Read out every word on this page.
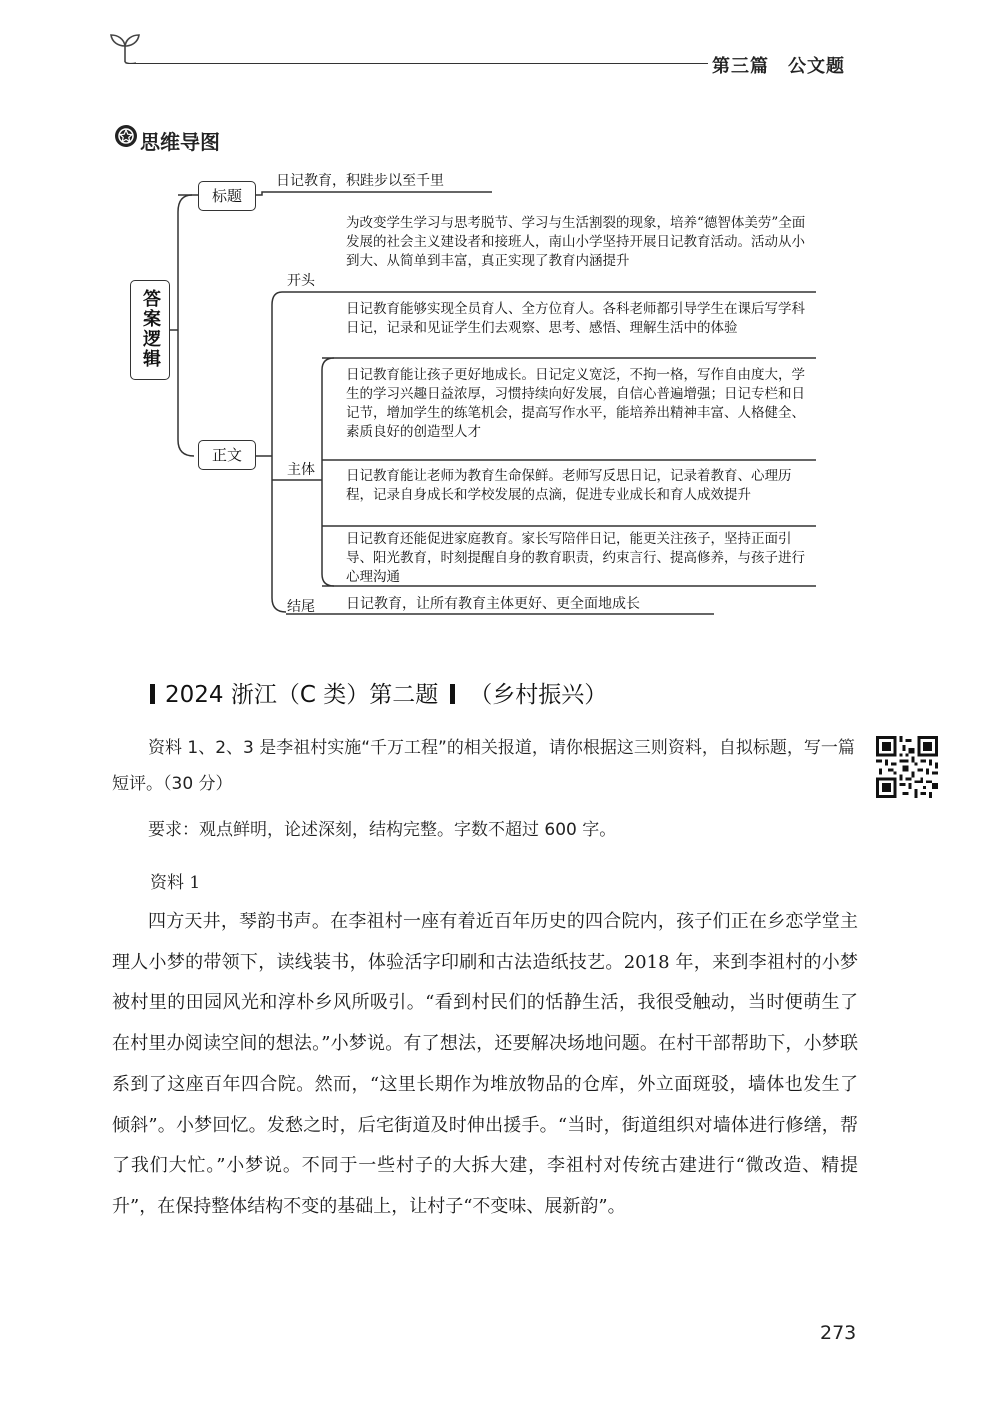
第三篇　公文题
思维导图
答案逻辑
标题
日记教育，积跬步以至千里
正文
开头
为改变学生学习与思考脱节、学习与生活割裂的现象，培养“德智体美劳”全面发展的社会主义建设者和接班人，南山小学坚持开展日记教育活动。活动从小到大、从简单到丰富，真正实现了教育内涵提升
主体
日记教育能够实现全员育人、全方位育人。各科老师都引导学生在课后写学科日记，记录和见证学生们去观察、思考、感悟、理解生活中的体验
日记教育能让孩子更好地成长。日记定义宽泛，不拘一格，写作自由度大，学生的学习兴趣日益浓厚，习惯持续向好发展，自信心普遍增强；日记专栏和日记节，增加学生的练笔机会，提高写作水平，能培养出精神丰富、人格健全、素质良好的创造型人才
日记教育能让老师为教育生命保鲜。老师写反思日记，记录着教育、心理历程，记录自身成长和学校发展的点滴，促进专业成长和育人成效提升
日记教育还能促进家庭教育。家长写陪伴日记，能更关注孩子，坚持正面引导、阳光教育，时刻提醒自身的教育职责，约束言行、提高修养，与孩子进行心理沟通
结尾 日记教育，让所有教育主体更好、更全面地成长
2024 浙江（C 类）第二题 （乡村振兴）
资料 1、2、3 是李祖村实施“千万工程”的相关报道，请你根据这三则资料，自拟标题，写一篇短评。（30 分）
要求：观点鲜明，论述深刻，结构完整。字数不超过 600 字。
资料 1

四方天井，琴韵书声。在李祖村一座有着近百年历史的四合院内，孩子们正在乡恋学堂主理人小梦的带领下，读线装书，体验活字印刷和古法造纸技艺。2018 年，来到李祖村的小梦被村里的田园风光和淳朴乡风所吸引。“看到村民们的恬静生活，我很受触动，当时便萌生了在村里办阅读空间的想法。”小梦说。有了想法，还要解决场地问题。在村干部帮助下，小梦联系到了这座百年四合院。然而，“这里长期作为堆放物品的仓库，外立面斑驳，墙体也发生了倾斜”。小梦回忆。发愁之时，后宅街道及时伸出援手。“当时，街道组织对墙体进行修缮，帮了我们大忙。”小梦说。不同于一些村子的大拆大建，李祖村对传统古建进行“微改造、精提升”，在保持整体结构不变的基础上，让村子“不变味、展新韵”。

273
